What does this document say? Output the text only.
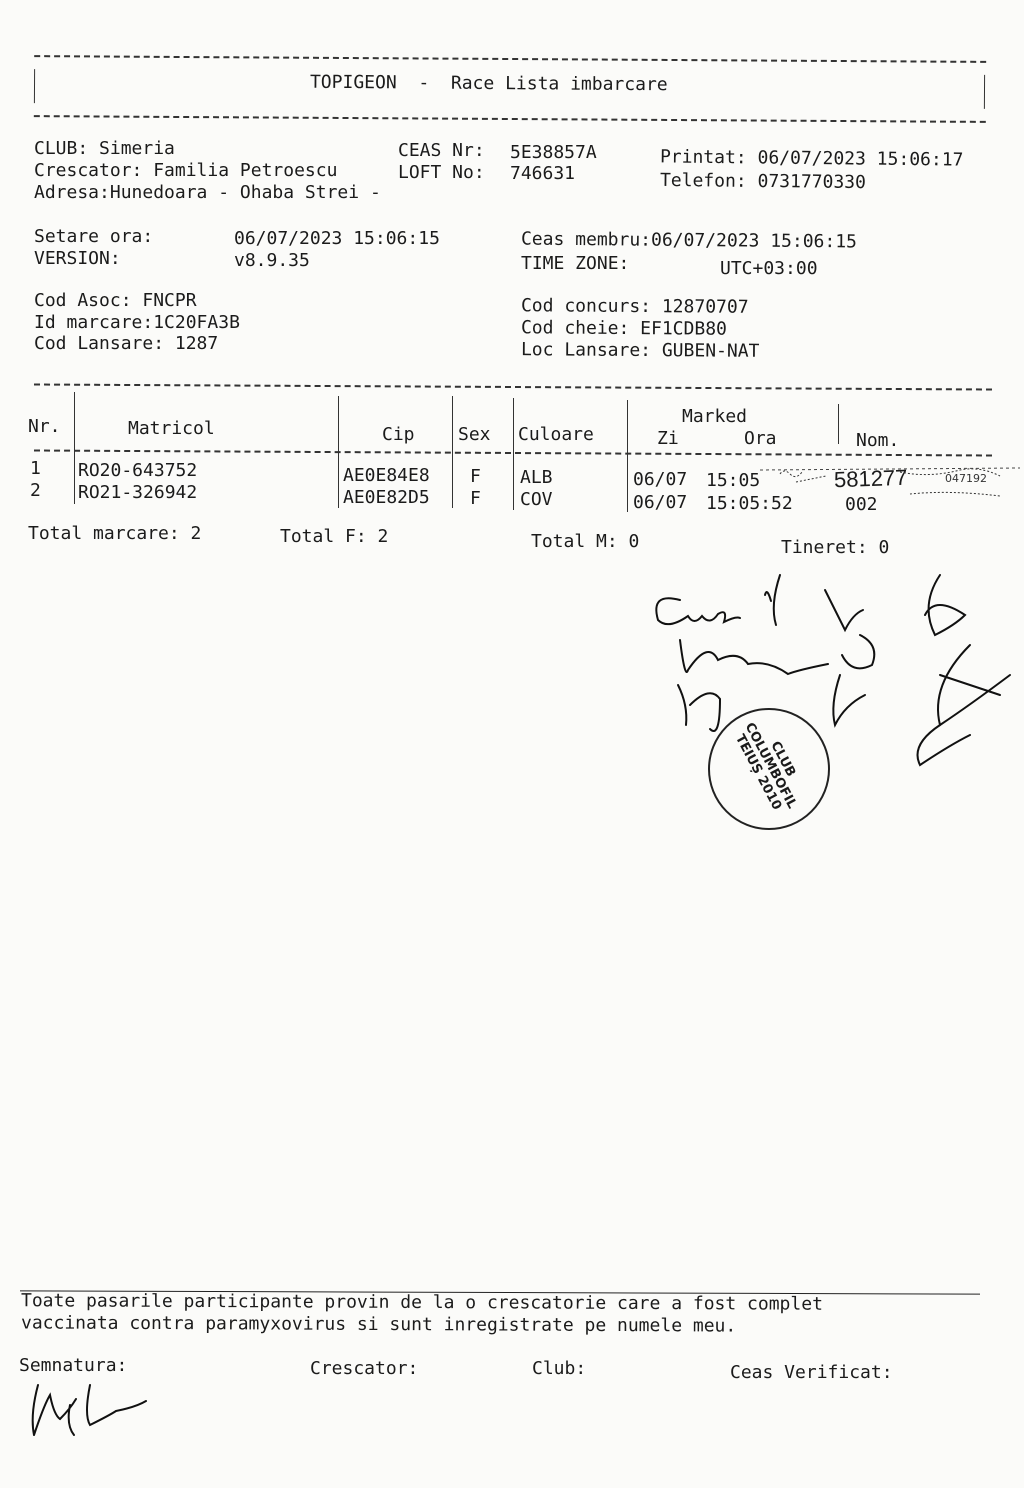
TOPIGEON - Race Lista imbarcare
CLUB: Simeria
Crescator: Familia Petroescu
Adresa:Hunedoara - Ohaba Strei -
CEAS Nr: 5E38857A
LOFT No: 746631
Printat: 06/07/2023 15:06:17
Telefon: 0731770330
Setare ora:	06/07/2023 15:06:15
VERSION:	v8.9.35
Ceas membru:06/07/2023 15:06:15
TIME ZONE:	UTC+03:00
Cod Asoc: FNCPR
Id marcare:1C20FA3B
Cod Lansare: 1287
Cod concurs: 12870707
Cod cheie: EF1CDB80
Loc Lansare: GUBEN-NAT
Nr.	Matricol	Cip Sex Culoare
Marked
Zi	Ora	Nom.
1 RO20-643752	AE0E84E8 F ALB	06/07 15:05	581277
2 RO21-326942	AE0E82D5 F COV	06/07 15:05:52	002
047192
Total marcare: 2	Total F: 2	Total M: 0	Tineret: 0
CLUB COLUMBOFIL TEIUȘ 2010
Toate pasarile participante provin de la o crescatorie care a fost complet
vaccinata contra paramyxovirus si sunt inregistrate pe numele meu.
Semnatura:	Crescator:	Club:	Ceas Verificat:
